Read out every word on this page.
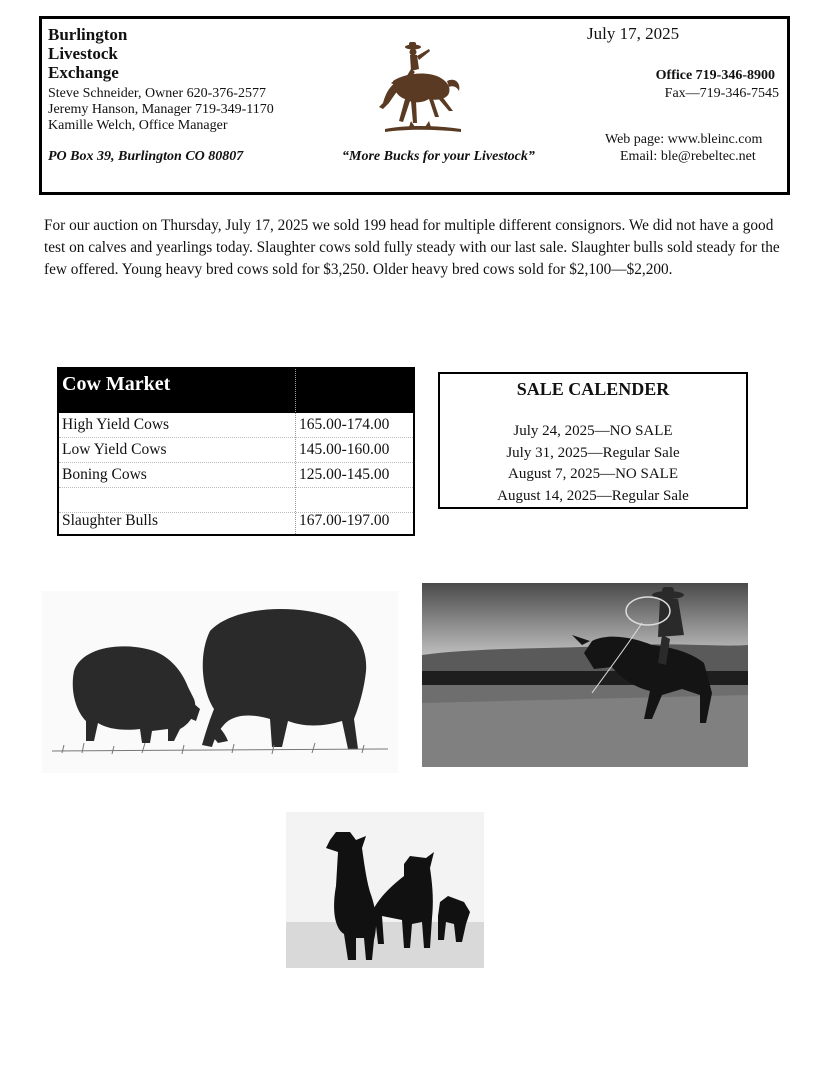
Burlington
Livestock
Exchange
Steve Schneider, Owner 620-376-2577
Jeremy Hanson, Manager 719-349-1170
Kamille Welch, Office Manager
PO Box 39, Burlington CO 80807	“More Bucks for your Livestock”
July 17, 2025
Office 719-346-8900
Fax—719-346-7545
Web page: www.bleinc.com
Email: ble@rebeltec.net
For our auction on Thursday, July 17, 2025 we sold 199 head for multiple different consignors. We did not have a good test on calves and yearlings today. Slaughter cows sold fully steady with our last sale. Slaughter bulls sold steady for the few offered. Young heavy bred cows sold for $3,250. Older heavy bred cows sold for $2,100—$2,200.
Cow Market
High Yield Cows	165.00-174.00
Low Yield Cows	145.00-160.00
Boning Cows	125.00-145.00
Slaughter Bulls	167.00-197.00
SALE CALENDER
July 24, 2025—NO SALE
July 31, 2025—Regular Sale
August 7, 2025—NO SALE
August 14, 2025—Regular Sale
